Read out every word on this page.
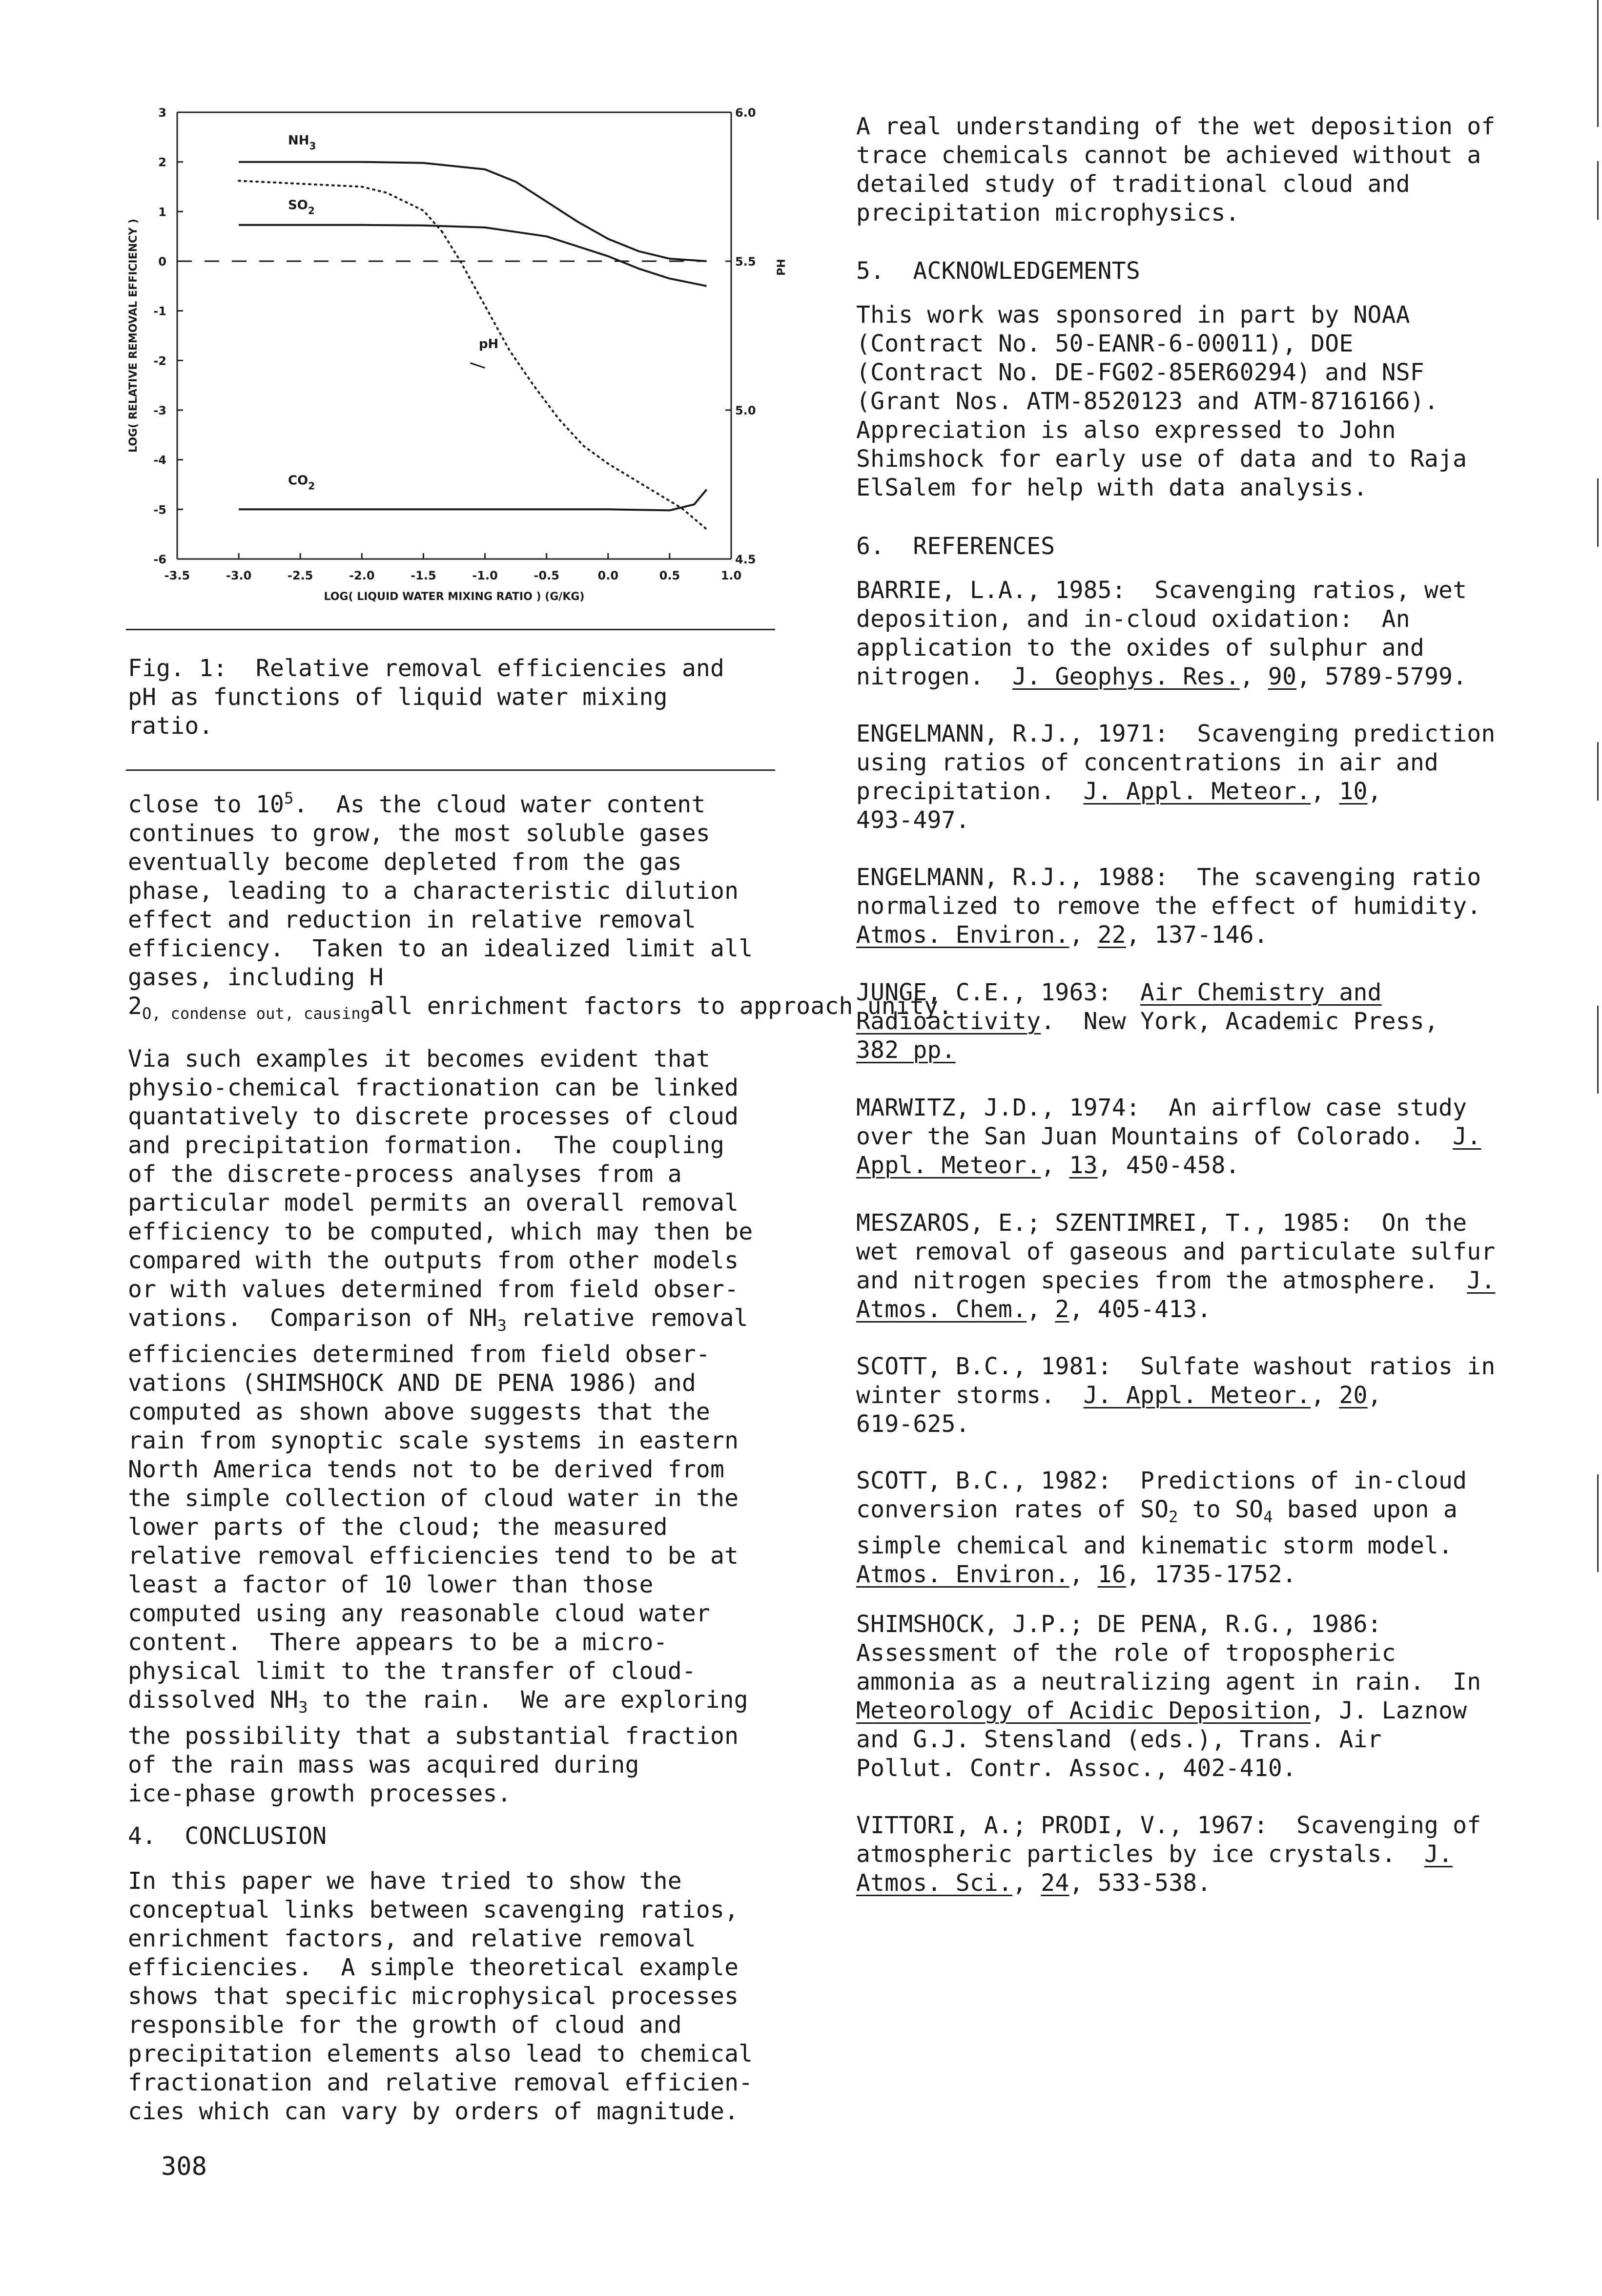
-3.5	-3.0	-2.5	-2.0	-1.5	-1.0	-0.5	0.0	0.5	1.0
3
2
1
0
-1
-2
-3
-4
-5
-6
6.0
5.5
5.0
4.5
LOG( LIQUID WATER MIXING RATIO ) (G/KG)
LOG( RELATIVE REMOVAL EFFICIENCY )	PH
$NH_3$
$SO_2$
pH
$CO_2$

Fig. 1:  Relative removal efficiencies and
pH as functions of liquid water mixing
ratio.

close to $10^5$.  As the cloud water content
continues to grow, the most soluble gases
eventually become depleted from the gas
phase, leading to a characteristic dilution
effect and reduction in relative removal
efficiency.  Taken to an idealized limit all
gases, including H
$2_{O, condense out, causing}all$ enrichment factors to approach unity.

Via such examples it becomes evident that
physio-chemical fractionation can be linked
quantatively to discrete processes of cloud
and precipitation formation.  The coupling
of the discrete-process analyses from a
particular model permits an overall removal
efficiency to be computed, which may then be
compared with the outputs from other models
or with values determined from field obser-
vations.  Comparison of $NH_3$ relative removal
efficiencies determined from field obser-
vations (SHIMSHOCK AND DE PENA 1986) and
computed as shown above suggests that the
rain from synoptic scale systems in eastern
North America tends not to be derived from
the simple collection of cloud water in the
lower parts of the cloud; the measured
relative removal efficiencies tend to be at
least a factor of 10 lower than those
computed using any reasonable cloud water
content.  There appears to be a micro-
physical limit to the transfer of cloud-
dissolved $NH_3$ to the rain.  We are exploring
the possibility that a substantial fraction
of the rain mass was acquired during
ice-phase growth processes.

4.  CONCLUSION

In this paper we have tried to show the
conceptual links between scavenging ratios,
enrichment factors, and relative removal
efficiencies.  A simple theoretical example
shows that specific microphysical processes
responsible for the growth of cloud and
precipitation elements also lead to chemical
fractionation and relative removal efficien-
cies which can vary by orders of magnitude.

308

A real understanding of the wet deposition of
trace chemicals cannot be achieved without a
detailed study of traditional cloud and
precipitation microphysics.

5.  ACKNOWLEDGEMENTS

This work was sponsored in part by NOAA
(Contract No. 50-EANR-6-00011), DOE
(Contract No. DE-FG02-85ER60294) and NSF
(Grant Nos. ATM-8520123 and ATM-8716166).
Appreciation is also expressed to John
Shimshock for early use of data and to Raja
ElSalem for help with data analysis.

6.  REFERENCES

BARRIE, L.A., 1985:  Scavenging ratios, wet
deposition, and in-cloud oxidation:  An
application to the oxides of sulphur and
nitrogen.  J. Geophys. Res., 90, 5789-5799.

ENGELMANN, R.J., 1971:  Scavenging prediction
using ratios of concentrations in air and
precipitation.  J. Appl. Meteor., 10,
493-497.

ENGELMANN, R.J., 1988:  The scavenging ratio
normalized to remove the effect of humidity.
Atmos. Environ., 22, 137-146.

JUNGE, C.E., 1963:  Air Chemistry and
Radioactivity.  New York, Academic Press,
382 pp.

MARWITZ, J.D., 1974:  An airflow case study
over the San Juan Mountains of Colorado.  J.
Appl. Meteor., 13, 450-458.

MESZAROS, E.; SZENTIMREI, T., 1985:  On the
wet removal of gaseous and particulate sulfur
and nitrogen species from the atmosphere.  J.
Atmos. Chem., 2, 405-413.

SCOTT, B.C., 1981:  Sulfate washout ratios in
winter storms.  J. Appl. Meteor., 20,
619-625.

SCOTT, B.C., 1982:  Predictions of in-cloud
conversion rates of $SO_2$ to $SO_4$ based upon a
simple chemical and kinematic storm model.
Atmos. Environ., 16, 1735-1752.

SHIMSHOCK, J.P.; DE PENA, R.G., 1986:
Assessment of the role of tropospheric
ammonia as a neutralizing agent in rain.  In
Meteorology of Acidic Deposition, J. Laznow
and G.J. Stensland (eds.), Trans. Air
Pollut. Contr. Assoc., 402-410.

VITTORI, A.; PRODI, V., 1967:  Scavenging of
atmospheric particles by ice crystals.  J.
Atmos. Sci., 24, 533-538.
